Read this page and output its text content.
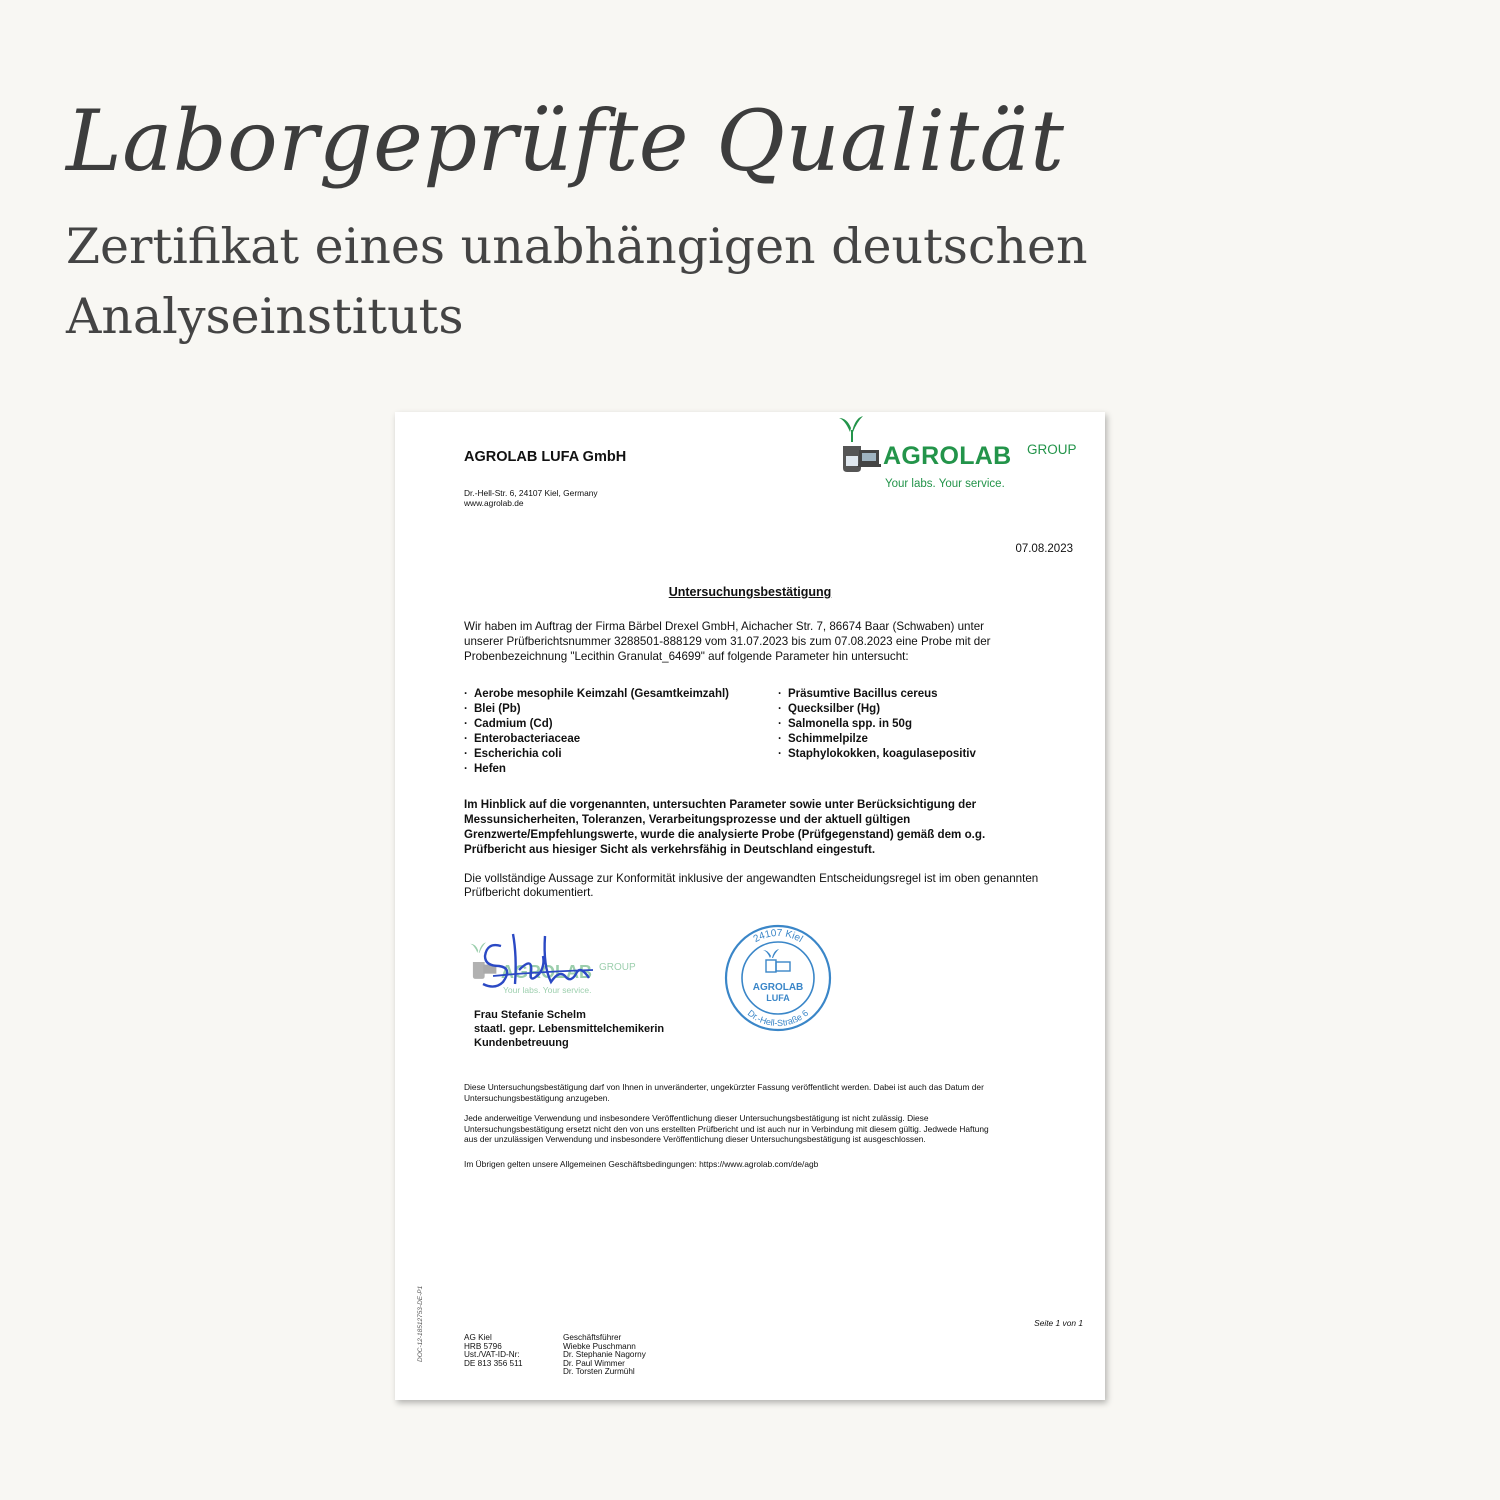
Laborgeprüfte Qualität
Zertifikat eines unabhängigen deutschen Analyseinstituts
AGROLAB LUFA GmbH
Dr.-Hell-Str. 6, 24107 Kiel, Germany
www.agrolab.de
AGROLAB GROUP
Your labs. Your service.
07.08.2023
Untersuchungsbestätigung
Wir haben im Auftrag der Firma Bärbel Drexel GmbH, Aichacher Str. 7, 86674 Baar (Schwaben) unter
unserer Prüfberichtsnummer 3288501-888129 vom 31.07.2023 bis zum 07.08.2023 eine Probe mit der
Probenbezeichnung "Lecithin Granulat_64699" auf folgende Parameter hin untersucht:
· Aerobe mesophile Keimzahl (Gesamtkeimzahl)
· Blei (Pb)
· Cadmium (Cd)
· Enterobacteriaceae
· Escherichia coli
· Hefen
· Präsumtive Bacillus cereus
· Quecksilber (Hg)
· Salmonella spp. in 50g
· Schimmelpilze
· Staphylokokken, koagulasepositiv
Im Hinblick auf die vorgenannten, untersuchten Parameter sowie unter Berücksichtigung der
Messunsicherheiten, Toleranzen, Verarbeitungsprozesse und der aktuell gültigen
Grenzwerte/Empfehlungswerte, wurde die analysierte Probe (Prüfgegenstand) gemäß dem o.g.
Prüfbericht aus hiesiger Sicht als verkehrsfähig in Deutschland eingestuft.
Die vollständige Aussage zur Konformität inklusive der angewandten Entscheidungsregel ist im oben genannten
Prüfbericht dokumentiert.
AGROLAB GROUP
Your labs. Your service.
24107 Kiel
Dr.-Hell-Straße 6
AGROLAB
LUFA
Frau Stefanie Schelm
staatl. gepr. Lebensmittelchemikerin
Kundenbetreuung
Diese Untersuchungsbestätigung darf von Ihnen in unveränderter, ungekürzter Fassung veröffentlicht werden. Dabei ist auch das Datum der
Untersuchungsbestätigung anzugeben.
Jede anderweitige Verwendung und insbesondere Veröffentlichung dieser Untersuchungsbestätigung ist nicht zulässig. Diese
Untersuchungsbestätigung ersetzt nicht den von uns erstellten Prüfbericht und ist auch nur in Verbindung mit diesem gültig. Jedwede Haftung
aus der unzulässigen Verwendung und insbesondere Veröffentlichung dieser Untersuchungsbestätigung ist ausgeschlossen.
Im Übrigen gelten unsere Allgemeinen Geschäftsbedingungen: https://www.agrolab.com/de/agb
DOC-12-18512753-DE-P1	Seite 1 von 1
AG Kiel
HRB 5796
Ust./VAT-ID-Nr:
DE 813 356 511
Geschäftsführer
Wiebke Puschmann
Dr. Stephanie Nagorny
Dr. Paul Wimmer
Dr. Torsten Zurmühl
